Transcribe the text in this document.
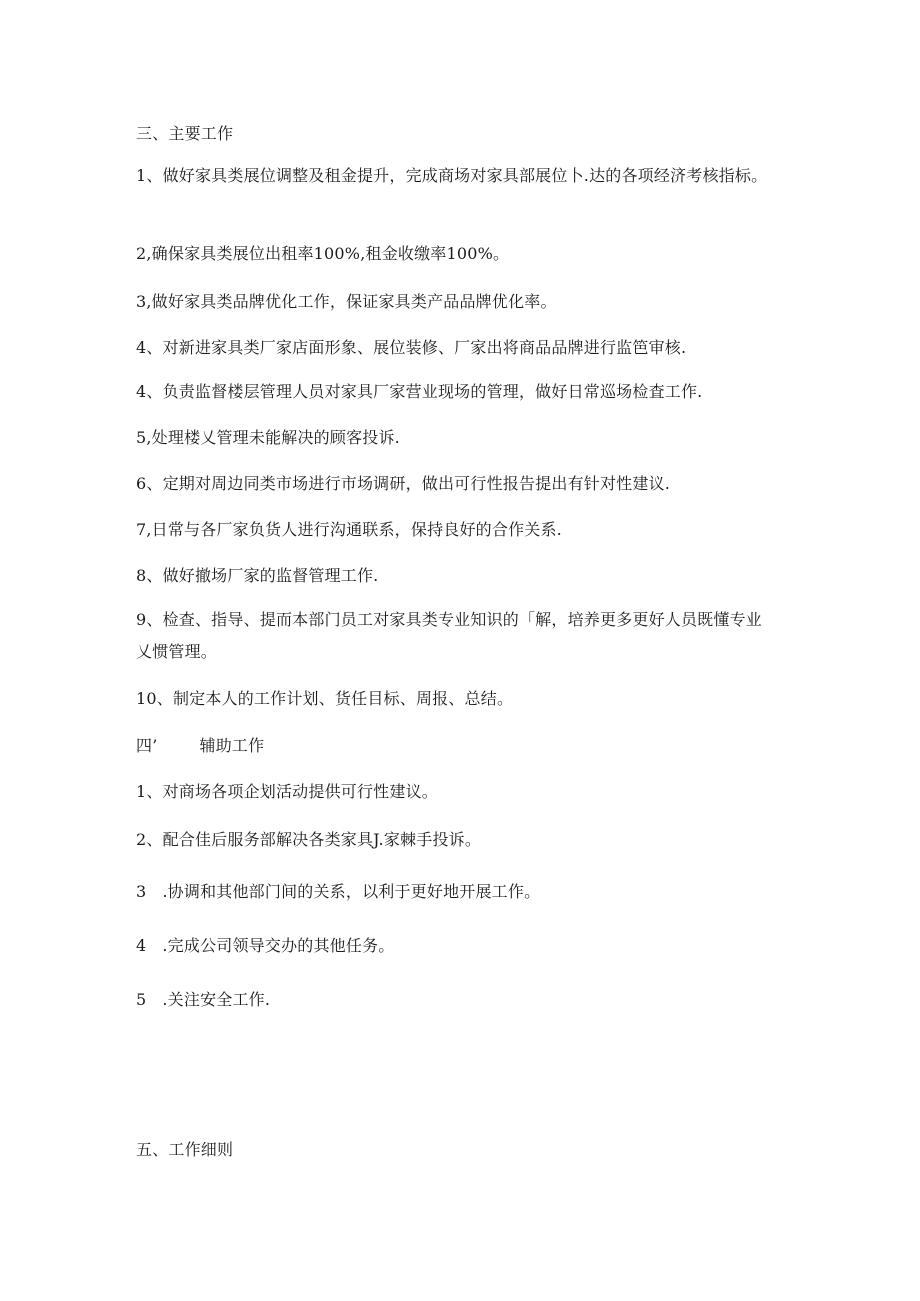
三、主要工作
1、做好家具类展位调整及租金提升，完成商场对家具部展位卜.达的各项经济考核指标。
2,确保家具类展位出租率100%,租金收缴率100%。
3,做好家具类品牌优化工作，保证家具类产品品牌优化率。
4、对新进家具类厂家店面形象、展位装修、厂家出将商品品牌进行监笆审核.
4、负责监督楼层管理人员对家具厂家营业现场的管理，做好日常巡场检査工作.
5,处理楼乂管理未能解决的顾客投诉.
6、定期对周边同类市场进行市场调研，做出可行性报告提出有针对性建议.
7,日常与各厂家负货人进行沟通联系，保持良好的合作关系.
8、做好撤场厂家的监督管理工作.
9、检查、指导、提而本部门员工对家具类专业知识的「解，培养更多更好人员既懂专业乂惯管理。
10、制定本人的工作计划、货任目标、周报、总结。
四’	辅助工作
1、对商场各项企划活动提供可行性建议。
2、配合佳后服务部解决各类家具J.家棘手投诉。
3 .协调和其他部门间的关系，以利于更好地开展工作。
4 .完成公司领导交办的其他任务。
5 .关注安全工作.
五、工作细则
